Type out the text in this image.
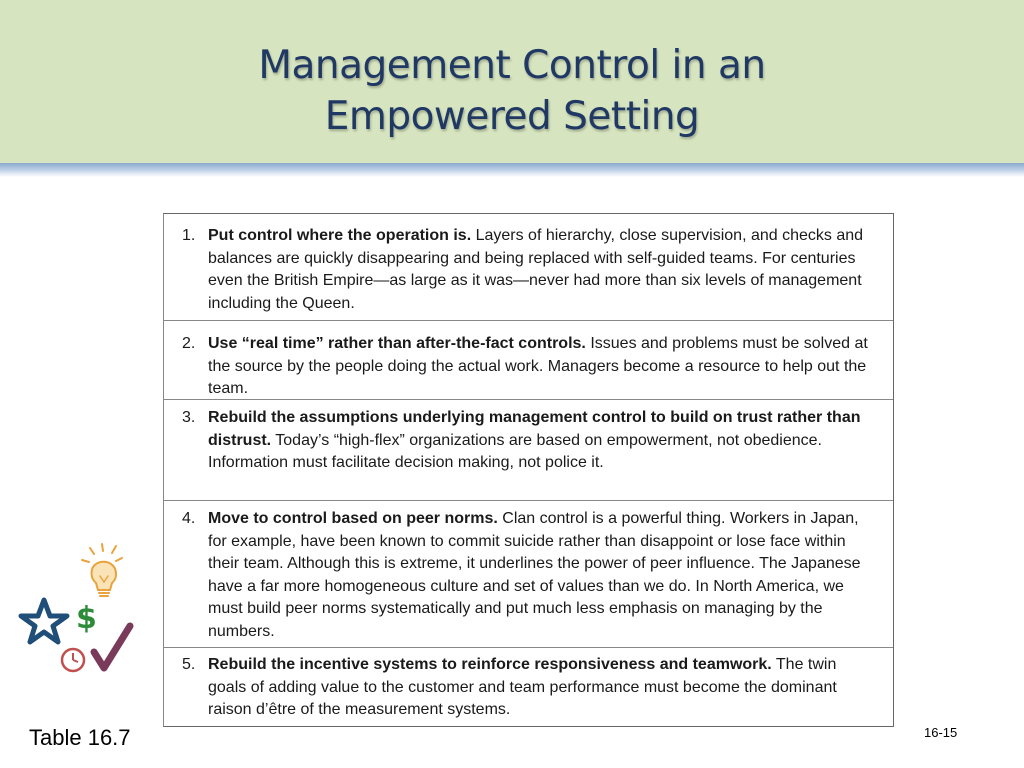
Management Control in an
Empowered Setting
1. Put control where the operation is. Layers of hierarchy, close supervision, and checks and balances are quickly disappearing and being replaced with self-guided teams. For centuries even the British Empire—as large as it was—never had more than six levels of management including the Queen.
2. Use “real time” rather than after-the-fact controls. Issues and problems must be solved at the source by the people doing the actual work. Managers become a resource to help out the team.
3. Rebuild the assumptions underlying management control to build on trust rather than distrust. Today’s “high-flex” organizations are based on empowerment, not obedience. Information must facilitate decision making, not police it.
4. Move to control based on peer norms. Clan control is a powerful thing. Workers in Japan, for example, have been known to commit suicide rather than disappoint or lose face within their team. Although this is extreme, it underlines the power of peer influence. The Japanese have a far more homogeneous culture and set of values than we do. In North America, we must build peer norms systematically and put much less emphasis on managing by the numbers.
5. Rebuild the incentive systems to reinforce responsiveness and teamwork. The twin goals of adding value to the customer and team performance must become the dominant raison d’être of the measurement systems.
$
Table 16.7	16-15
